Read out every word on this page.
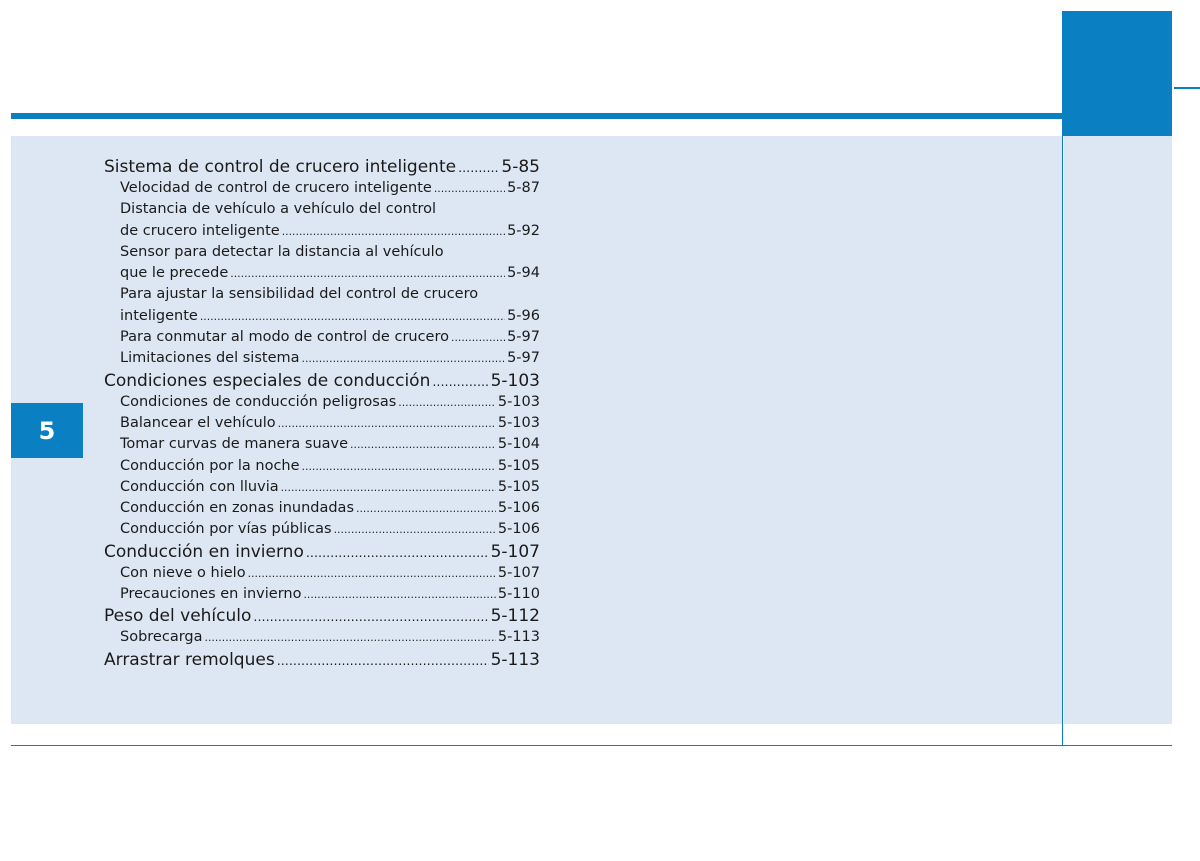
5
Sistema de control de crucero inteligente .....	5-85
Velocidad de control de crucero inteligente .....	5-87
Distancia de vehículo a vehículo del control
de crucero inteligente .....	5-92
Sensor para detectar la distancia al vehículo
que le precede .....	5-94
Para ajustar la sensibilidad del control de crucero
inteligente .....	5-96
Para conmutar al modo de control de crucero .....	5-97
Limitaciones del sistema .....	5-97
Condiciones especiales de conducción .....	5-103
Condiciones de conducción peligrosas .....	5-103
Balancear el vehículo .....	5-103
Tomar curvas de manera suave .....	5-104
Conducción por la noche .....	5-105
Conducción con lluvia .....	5-105
Conducción en zonas inundadas .....	5-106
Conducción por vías públicas .....	5-106
Conducción en invierno .....	5-107
Con nieve o hielo .....	5-107
Precauciones en invierno .....	5-110
Peso del vehículo .....	5-112
Sobrecarga .....	5-113
Arrastrar remolques .....	5-113
